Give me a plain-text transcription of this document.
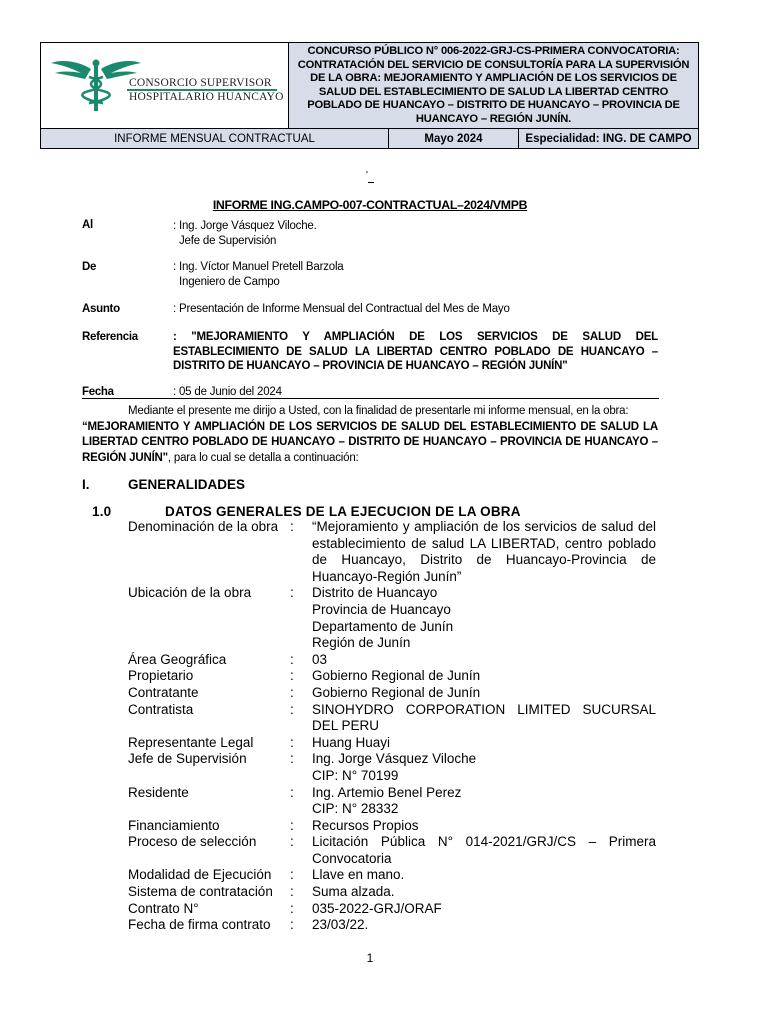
CONSORCIO SUPERVISOR
HOSPITALARIO HUANCAYO
CONCURSO PÚBLICO N° 006-2022-GRJ-CS-PRIMERA CONVOCATORIA: CONTRATACIÓN DEL SERVICIO DE CONSULTORÍA PARA LA SUPERVISIÓN DE LA OBRA: MEJORAMIENTO Y AMPLIACIÓN DE LOS SERVICIOS DE SALUD DEL ESTABLECIMIENTO DE SALUD LA LIBERTAD CENTRO POBLADO DE HUANCAYO – DISTRITO DE HUANCAYO – PROVINCIA DE HUANCAYO – REGIÓN JUNÍN.
INFORME MENSUAL CONTRACTUAL	Mayo 2024	Especialidad: ING. DE CAMPO
'
INFORME ING.CAMPO-007-CONTRACTUAL–2024/VMPB
Al	: Ing. Jorge Vásquez Viloche.
Jefe de Supervisión
De	: Ing. Víctor Manuel Pretell Barzola
Ingeniero de Campo
Asunto	: Presentación de Informe Mensual del Contractual del Mes de Mayo
Referencia	: "MEJORAMIENTO Y AMPLIACIÓN DE LOS SERVICIOS DE SALUD DEL ESTABLECIMIENTO DE SALUD LA LIBERTAD CENTRO POBLADO DE HUANCAYO – DISTRITO DE HUANCAYO – PROVINCIA DE HUANCAYO – REGIÓN JUNÍN"
Fecha	: 05 de Junio del 2024
Mediante el presente me dirijo a Usted, con la finalidad de presentarle mi informe mensual, en la obra:
“MEJORAMIENTO Y AMPLIACIÓN DE LOS SERVICIOS DE SALUD DEL ESTABLECIMIENTO DE SALUD LA LIBERTAD CENTRO POBLADO DE HUANCAYO – DISTRITO DE HUANCAYO – PROVINCIA DE HUANCAYO – REGIÓN JUNÍN", para lo cual se detalla a continuación:
I.	GENERALIDADES
1.0	DATOS GENERALES DE LA EJECUCION DE LA OBRA
Denominación de la obra :	“Mejoramiento y ampliación de los servicios de salud del establecimiento de salud LA LIBERTAD, centro poblado de Huancayo, Distrito de Huancayo-Provincia de Huancayo-Región Junín”
Ubicación de la obra	:	Distrito de Huancayo
Provincia de Huancayo
Departamento de Junín
Región de Junín
Área Geográfica	:	03
Propietario	:	Gobierno Regional de Junín
Contratante	:	Gobierno Regional de Junín
Contratista	:	SINOHYDRO CORPORATION LIMITED SUCURSAL DEL PERU
Representante Legal	:	Huang Huayi
Jefe de Supervisión	:	Ing. Jorge Vásquez Viloche
CIP: N° 70199
Residente	:	Ing. Artemio Benel Perez
CIP: N° 28332
Financiamiento	:	Recursos Propios
Proceso de selección	:	Licitación Pública N° 014-2021/GRJ/CS – Primera Convocatoria
Modalidad de Ejecución	:	Llave en mano.
Sistema de contratación	:	Suma alzada.
Contrato N°	:	035-2022-GRJ/ORAF
Fecha de firma contrato	:	23/03/22.
1
